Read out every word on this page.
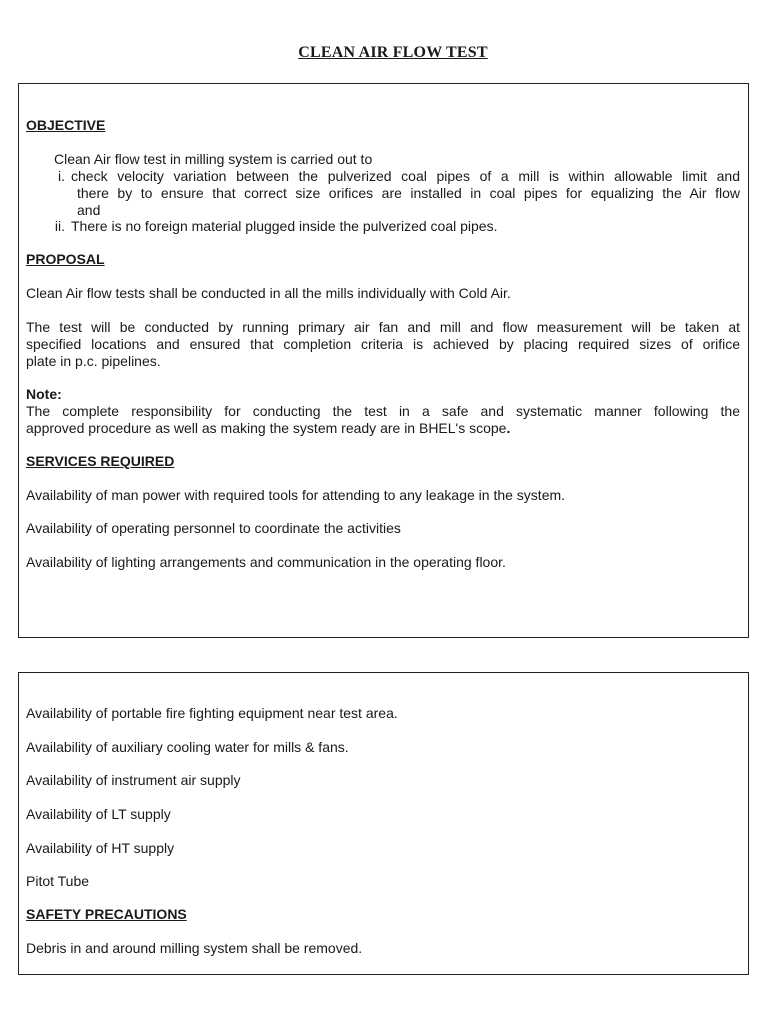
CLEAN AIR FLOW TEST
OBJECTIVE
Clean Air flow test in milling system is carried out to
i. check velocity variation between the pulverized coal pipes of a mill is within allowable limit and
there by to ensure that correct size orifices are installed in coal pipes for equalizing the Air flow
and
ii. There is no foreign material plugged inside the pulverized coal pipes.
PROPOSAL
Clean Air flow tests shall be conducted in all the mills individually with Cold Air.
The test will be conducted by running primary air fan and mill and flow measurement will be taken at
specified locations and ensured that completion criteria is achieved by placing required sizes of orifice
plate in p.c. pipelines.
Note:
The complete responsibility for conducting the test in a safe and systematic manner following the
approved procedure as well as making the system ready are in BHEL's scope.
SERVICES REQUIRED
Availability of man power with required tools for attending to any leakage in the system.
Availability of operating personnel to coordinate the activities
Availability of lighting arrangements and communication in the operating floor.
Availability of portable fire fighting equipment near test area.
Availability of auxiliary cooling water for mills & fans.
Availability of instrument air supply
Availability of LT supply
Availability of HT supply
Pitot Tube
SAFETY PRECAUTIONS
Debris in and around milling system shall be removed.
